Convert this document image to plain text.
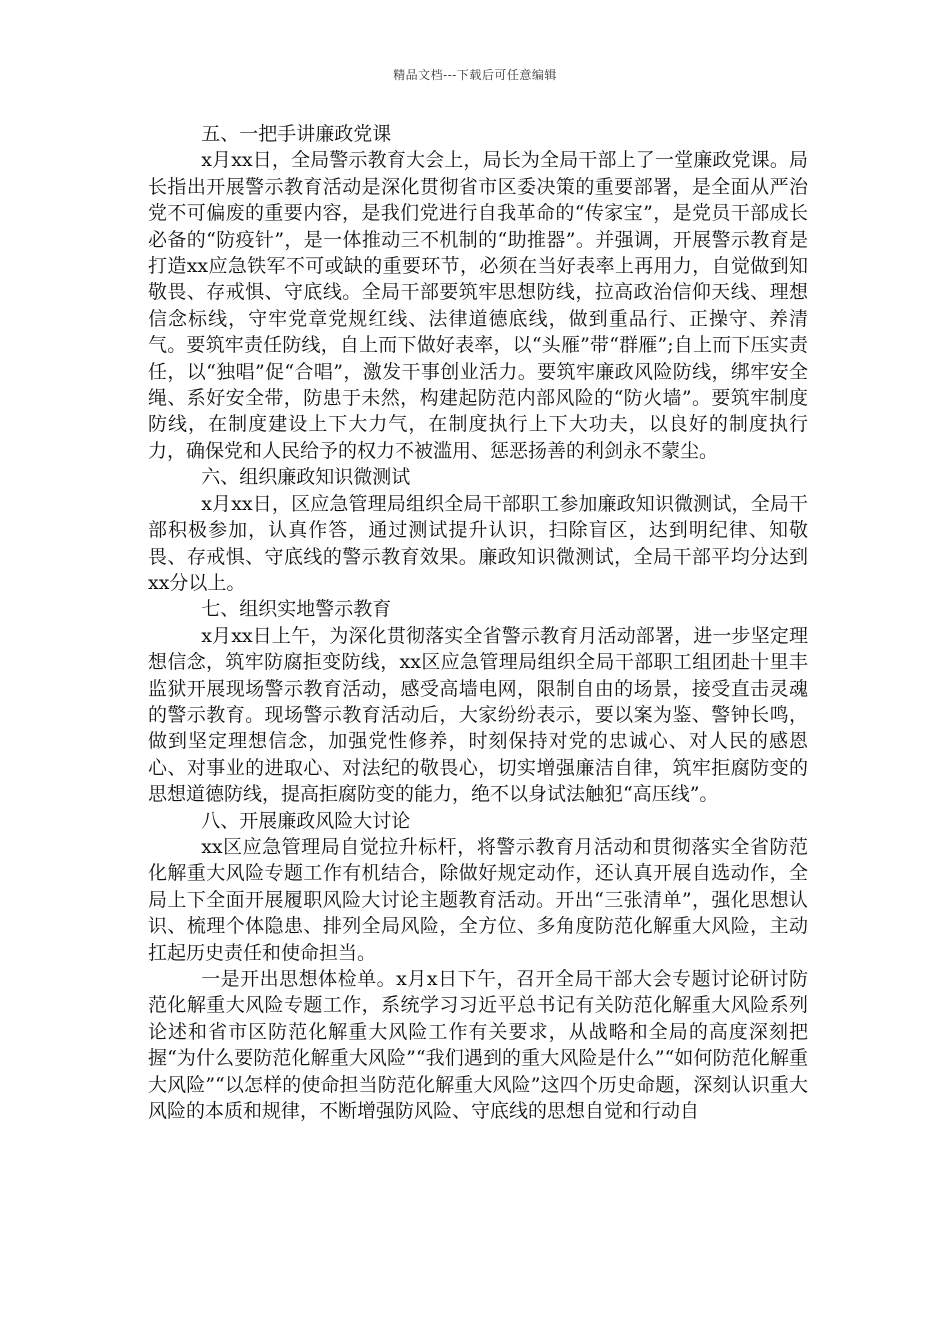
精品文档---下载后可任意编辑

五、一把手讲廉政党课

x月xx日，全局警示教育大会上，局长为全局干部上了一堂廉政党课。局长指出开展警示教育活动是深化贯彻省市区委决策的重要部署，是全面从严治党不可偏废的重要内容，是我们党进行自我革命的“传家宝”，是党员干部成长必备的“防疫针”，是一体推动三不机制的“助推器”。并强调，开展警示教育是打造xx应急铁军不可或缺的重要环节，必须在当好表率上再用力，自觉做到知敬畏、存戒惧、守底线。全局干部要筑牢思想防线，拉高政治信仰天线、理想信念标线，守牢党章党规红线、法律道德底线，做到重品行、正操守、养清气。要筑牢责任防线，自上而下做好表率，以“头雁”带“群雁”;自上而下压实责任，以“独唱”促“合唱”，激发干事创业活力。要筑牢廉政风险防线，绑牢安全绳、系好安全带，防患于未然，构建起防范内部风险的“防火墙”。要筑牢制度防线，在制度建设上下大力气，在制度执行上下大功夫，以良好的制度执行力，确保党和人民给予的权力不被滥用、惩恶扬善的利剑永不蒙尘。

六、组织廉政知识微测试

x月xx日，区应急管理局组织全局干部职工参加廉政知识微测试，全局干部积极参加，认真作答，通过测试提升认识，扫除盲区，达到明纪律、知敬畏、存戒惧、守底线的警示教育效果。廉政知识微测试，全局干部平均分达到xx分以上。

七、组织实地警示教育

x月xx日上午，为深化贯彻落实全省警示教育月活动部署，进一步坚定理想信念，筑牢防腐拒变防线，xx区应急管理局组织全局干部职工组团赴十里丰监狱开展现场警示教育活动，感受高墙电网，限制自由的场景，接受直击灵魂的警示教育。现场警示教育活动后，大家纷纷表示，要以案为鉴、警钟长鸣，做到坚定理想信念，加强党性修养，时刻保持对党的忠诚心、对人民的感恩心、对事业的进取心、对法纪的敬畏心，切实增强廉洁自律，筑牢拒腐防变的思想道德防线，提高拒腐防变的能力，绝不以身试法触犯“高压线”。

八、开展廉政风险大讨论

xx区应急管理局自觉拉升标杆，将警示教育月活动和贯彻落实全省防范化解重大风险专题工作有机结合，除做好规定动作，还认真开展自选动作，全局上下全面开展履职风险大讨论主题教育活动。开出“三张清单”，强化思想认识、梳理个体隐患、排列全局风险，全方位、多角度防范化解重大风险，主动扛起历史责任和使命担当。

一是开出思想体检单。x月x日下午，召开全局干部大会专题讨论研讨防范化解重大风险专题工作，系统学习习近平总书记有关防范化解重大风险系列论述和省市区防范化解重大风险工作有关要求，从战略和全局的高度深刻把握“为什么要防范化解重大风险”“我们遇到的重大风险是什么”“如何防范化解重大风险”“以怎样的使命担当防范化解重大风险”这四个历史命题，深刻认识重大风险的本质和规律，不断增强防风险、守底线的思想自觉和行动自
